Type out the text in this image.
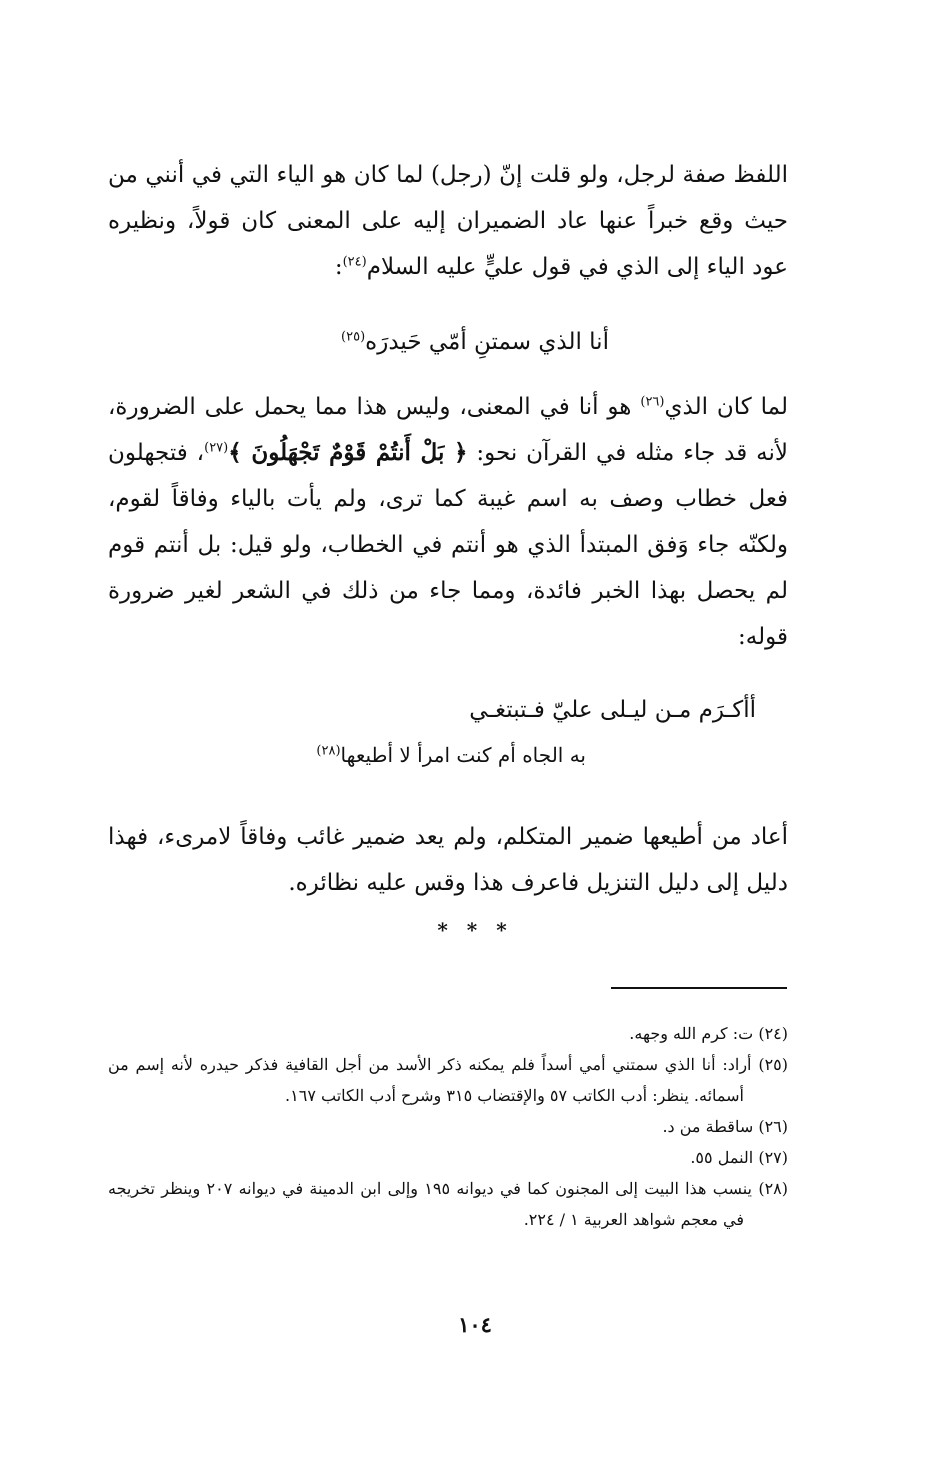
اللفظ صفة لرجل، ولو قلت إنّ (رجل) لما كان هو الياء التي في أنني من حيث وقع خبراً عنها عاد الضميران إليه على المعنى كان قولاً، ونظيره عود الياء إلى الذي في قول عليٍّ عليه السلام$^{(٢٤)}$:
أنا الذي سمتنِ أمّي حَيدرَه$^{(٢٥)}$
لما كان الذي$^{(٢٦)}$ هو أنا في المعنى، وليس هذا مما يحمل على الضرورة، لأنه قد جاء مثله في القرآن نحو: ﴿ بَلْ أَنتُمْ قَوْمٌ تَجْهَلُونَ ﴾$^{(٢٧)}$، فتجهلون فعل خطاب وصف به اسم غيبة كما ترى، ولم يأت بالياء وفاقاً لقوم، ولكنّه جاء وَفق المبتدأ الذي هو أنتم في الخطاب، ولو قيل: بل أنتم قوم لم يحصل بهذا الخبر فائدة، ومما جاء من ذلك في الشعر لغير ضرورة قوله:
أأكـرَم مـن ليـلى عليّ فـتبتغـي
به الجاه أم كنت امرأ لا أطيعها$^{(٢٨)}$
أعاد من أطيعها ضمير المتكلم، ولم يعد ضمير غائب وفاقاً لامرىء، فهذا دليل إلى دليل التنزيل فاعرف هذا وقس عليه نظائره.
* * *
(٢٤) ت: كرم الله وجهه.
(٢٥) أراد: أنا الذي سمتني أمي أسداً فلم يمكنه ذكر الأسد من أجل القافية فذكر حيدره لأنه إسم من أسمائه. ينظر: أدب الكاتب ٥٧ والإقتضاب ٣١٥ وشرح أدب الكاتب ١٦٧.
(٢٦) ساقطة من د.
(٢٧) النمل ٥٥.
(٢٨) ينسب هذا البيت إلى المجنون كما في ديوانه ١٩٥ وإلى ابن الدمينة في ديوانه ٢٠٧ وينظر تخريجه في معجم شواهد العربية ١ / ٢٢٤.
١٠٤
